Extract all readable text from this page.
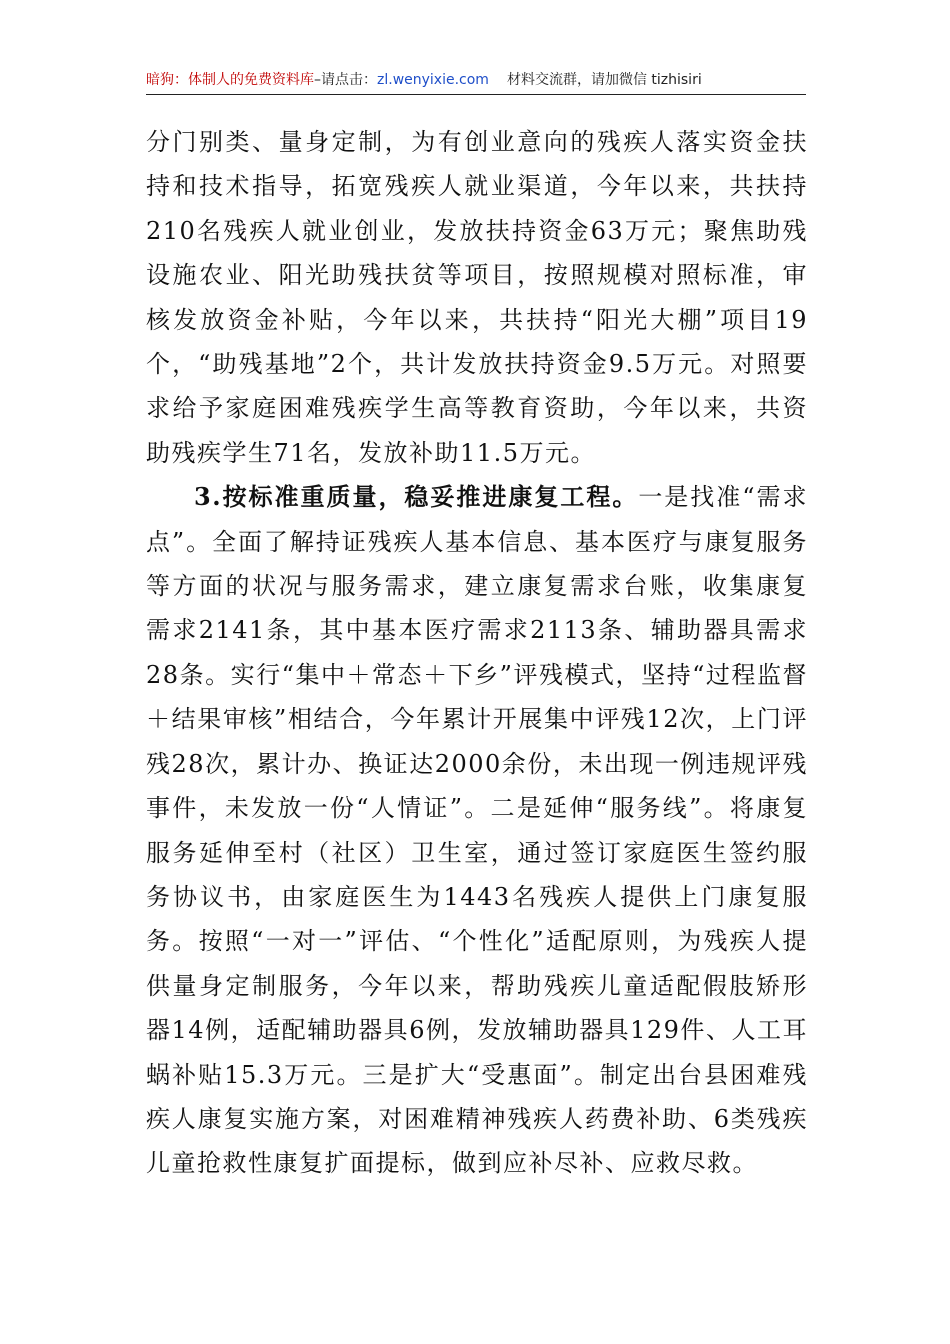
暗狗：体制人的免费资料库–请点击：zl.wenyixie.com 材料交流群，请加微信 tizhisiri

分门别类、量身定制，为有创业意向的残疾人落实资金扶持和技术指导，拓宽残疾人就业渠道，今年以来，共扶持210名残疾人就业创业，发放扶持资金63万元；聚焦助残设施农业、阳光助残扶贫等项目，按照规模对照标准，审核发放资金补贴，今年以来，共扶持“阳光大棚”项目19个，“助残基地”2个，共计发放扶持资金9.5万元。对照要求给予家庭困难残疾学生高等教育资助，今年以来，共资助残疾学生71名，发放补助11.5万元。

3.按标准重质量，稳妥推进康复工程。一是找准“需求点”。全面了解持证残疾人基本信息、基本医疗与康复服务等方面的状况与服务需求，建立康复需求台账，收集康复需求2141条，其中基本医疗需求2113条、辅助器具需求28条。实行“集中＋常态＋下乡”评残模式，坚持“过程监督＋结果审核”相结合，今年累计开展集中评残12次，上门评残28次，累计办、换证达2000余份，未出现一例违规评残事件，未发放一份“人情证”。二是延伸“服务线”。将康复服务延伸至村（社区）卫生室，通过签订家庭医生签约服务协议书，由家庭医生为1443名残疾人提供上门康复服务。按照“一对一”评估、“个性化”适配原则，为残疾人提供量身定制服务，今年以来，帮助残疾儿童适配假肢矫形器14例，适配辅助器具6例，发放辅助器具129件、人工耳蜗补贴15.3万元。三是扩大“受惠面”。制定出台县困难残疾人康复实施方案，对困难精神残疾人药费补助、6类残疾儿童抢救性康复扩面提标，做到应补尽补、应救尽救。
